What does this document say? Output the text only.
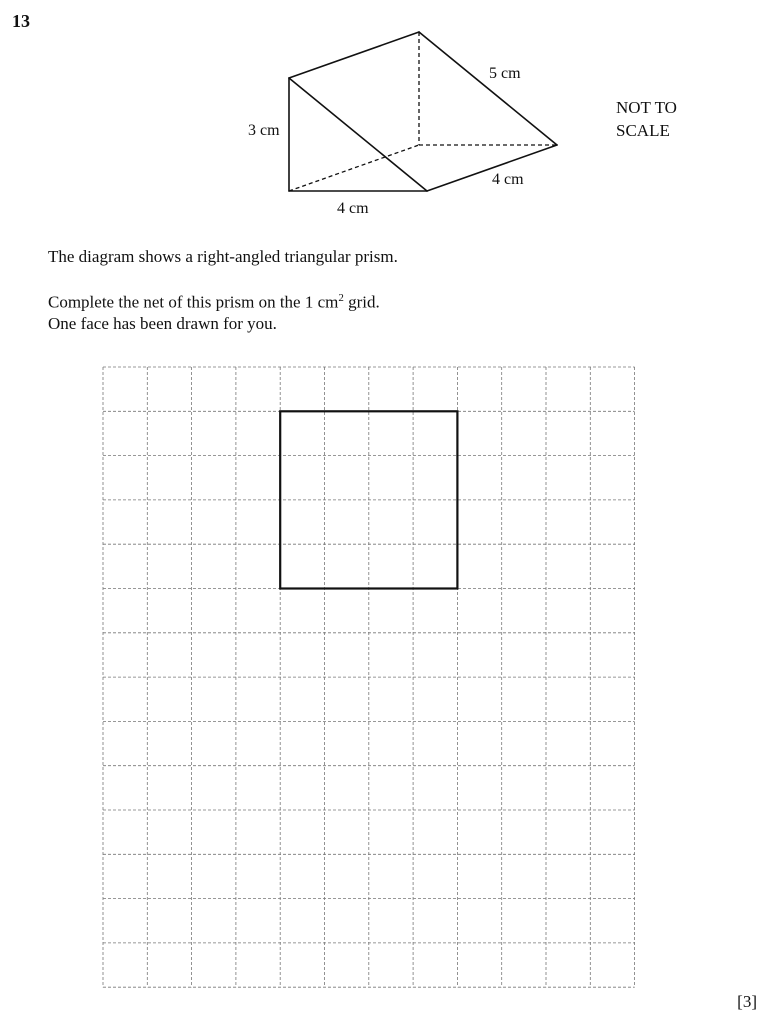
13
3 cm
4 cm
5 cm
4 cm
NOT TO
SCALE
The diagram shows a right-angled triangular prism.
Complete the net of this prism on the 1 $cm^2$ grid.
One face has been drawn for you.
[3]
